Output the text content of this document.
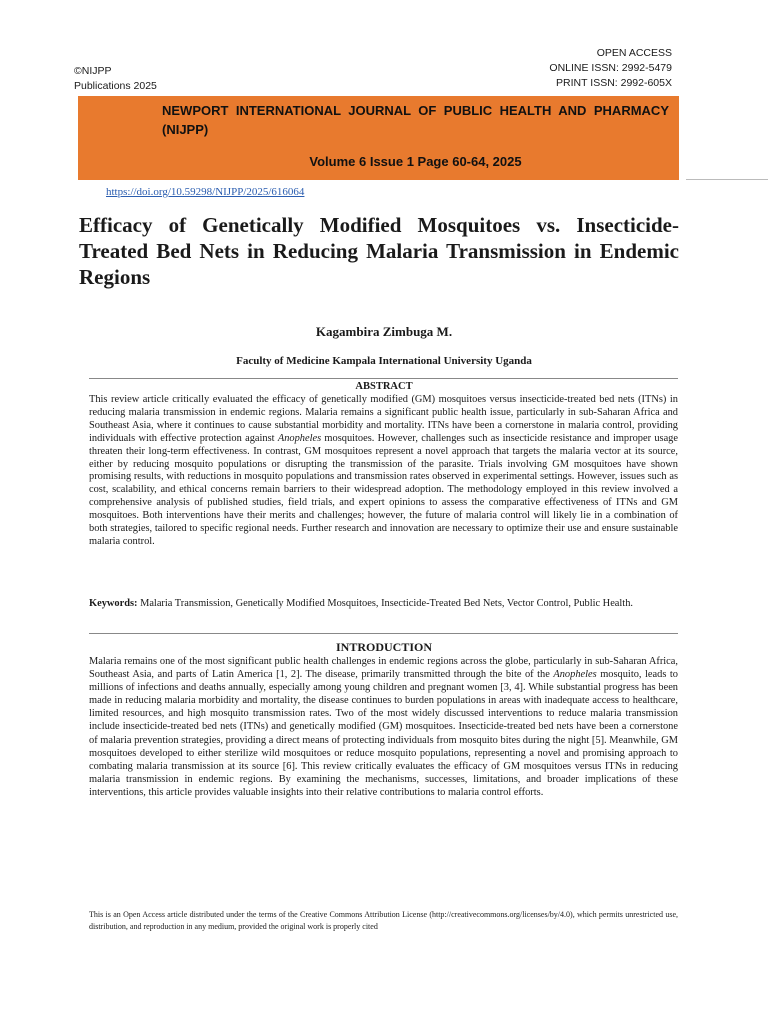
©NIJPP
Publications 2025
OPEN ACCESS
ONLINE ISSN: 2992-5479
PRINT ISSN: 2992-605X
NEWPORT INTERNATIONAL JOURNAL OF PUBLIC HEALTH AND PHARMACY (NIJPP)
Volume 6 Issue 1 Page 60-64, 2025
https://doi.org/10.59298/NIJPP/2025/616064
Efficacy of Genetically Modified Mosquitoes vs. Insecticide-Treated Bed Nets in Reducing Malaria Transmission in Endemic Regions
Kagambira Zimbuga M.
Faculty of Medicine Kampala International University Uganda
ABSTRACT

This review article critically evaluated the efficacy of genetically modified (GM) mosquitoes versus insecticide-treated bed nets (ITNs) in reducing malaria transmission in endemic regions. Malaria remains a significant public health issue, particularly in sub-Saharan Africa and Southeast Asia, where it continues to cause substantial morbidity and mortality. ITNs have been a cornerstone in malaria control, providing individuals with effective protection against Anopheles mosquitoes. However, challenges such as insecticide resistance and improper usage threaten their long-term effectiveness. In contrast, GM mosquitoes represent a novel approach that targets the malaria vector at its source, either by reducing mosquito populations or disrupting the transmission of the parasite. Trials involving GM mosquitoes have shown promising results, with reductions in mosquito populations and transmission rates observed in experimental settings. However, issues such as cost, scalability, and ethical concerns remain barriers to their widespread adoption. The methodology employed in this review involved a comprehensive analysis of published studies, field trials, and expert opinions to assess the comparative effectiveness of ITNs and GM mosquitoes. Both interventions have their merits and challenges; however, the future of malaria control will likely lie in a combination of both strategies, tailored to specific regional needs. Further research and innovation are necessary to optimize their use and ensure sustainable malaria control.

Keywords: Malaria Transmission, Genetically Modified Mosquitoes, Insecticide-Treated Bed Nets, Vector Control, Public Health.

INTRODUCTION

Malaria remains one of the most significant public health challenges in endemic regions across the globe, particularly in sub-Saharan Africa, Southeast Asia, and parts of Latin America [1, 2]. The disease, primarily transmitted through the bite of the Anopheles mosquito, leads to millions of infections and deaths annually, especially among young children and pregnant women [3, 4]. While substantial progress has been made in reducing malaria morbidity and mortality, the disease continues to burden populations in areas with inadequate access to healthcare, limited resources, and high mosquito transmission rates. Two of the most widely discussed interventions to reduce malaria transmission include insecticide-treated bed nets (ITNs) and genetically modified (GM) mosquitoes. Insecticide-treated bed nets have been a cornerstone of malaria prevention strategies, providing a direct means of protecting individuals from mosquito bites during the night [5]. Meanwhile, GM mosquitoes developed to either sterilize wild mosquitoes or reduce mosquito populations, representing a novel and promising approach to combating malaria transmission at its source [6]. This review critically evaluates the efficacy of GM mosquitoes versus ITNs in reducing malaria transmission in endemic regions. By examining the mechanisms, successes, limitations, and broader implications of these interventions, this article provides valuable insights into their relative contributions to malaria control efforts.

This is an Open Access article distributed under the terms of the Creative Commons Attribution License (http://creativecommons.org/licenses/by/4.0), which permits unrestricted use, distribution, and reproduction in any medium, provided the original work is properly cited
